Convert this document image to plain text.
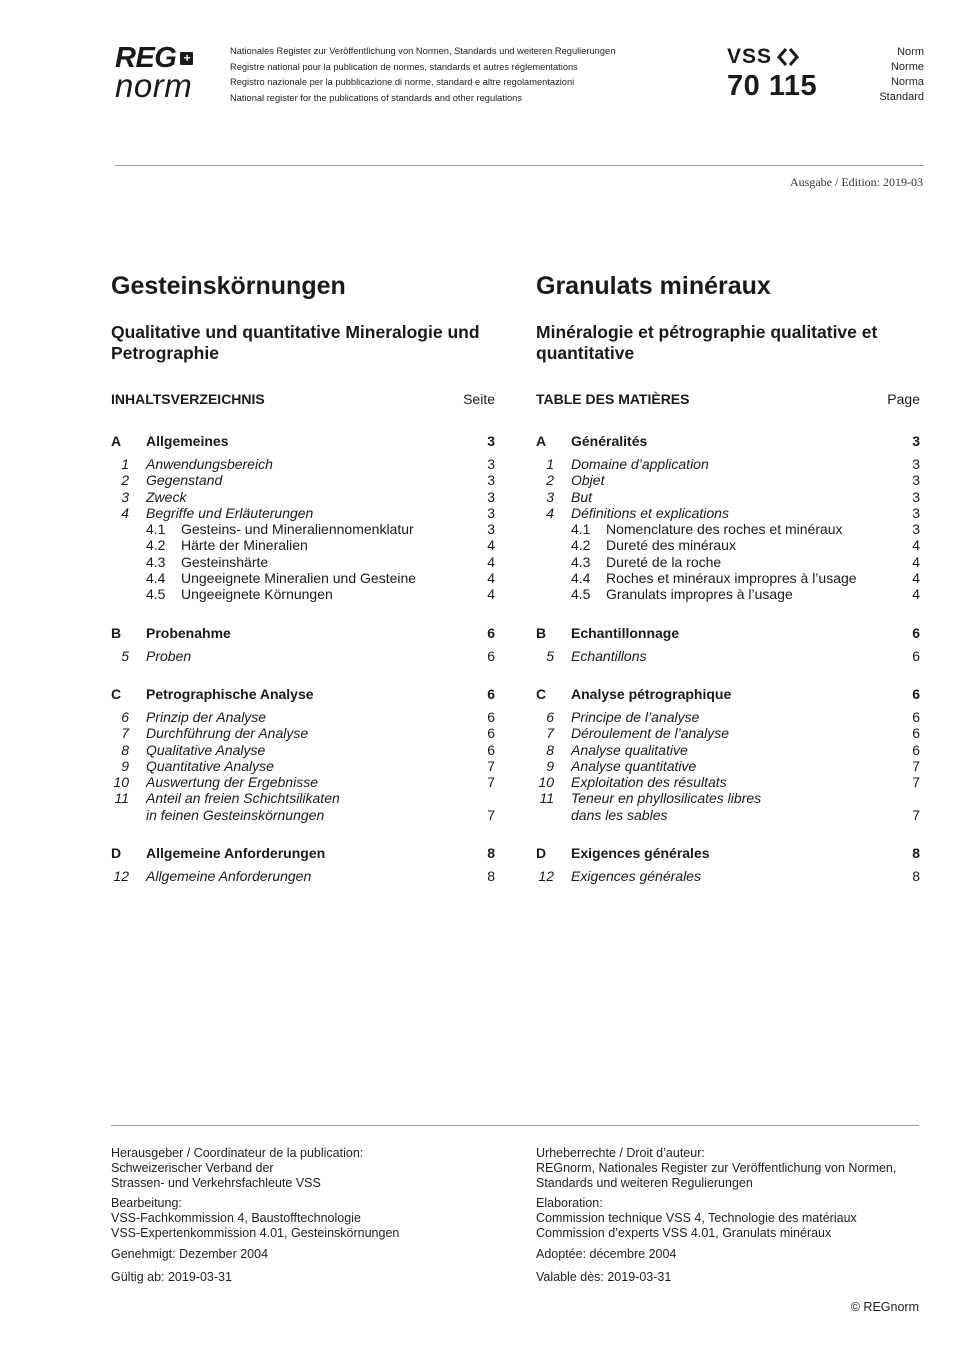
REG +
norm
Nationales Register zur Veröffentlichung von Normen, Standards und weiteren Regulierungen
Registre national pour la publication de normes, standards et autres réglementations
Registro nazionale per la pubblicazione di norme, standard e altre regolamentazioni
National register for the publications of standards and other regulations
VSS
70 115
Norm
Norme
Norma
Standard
Ausgabe / Edition: 2019-03
Gesteinskörnungen
Qualitative und quantitative Mineralogie und Petrographie
INHALTSVERZEICHNIS	Seite
A	Allgemeines	3
1 Anwendungsbereich	3
2 Gegenstand	3
3 Zweck	3
4 Begriffe und Erläuterungen	3
4.1	Gesteins- und Mineraliennomenklatur	3
4.2	Härte der Mineralien	4
4.3	Gesteinshärte	4
4.4	Ungeeignete Mineralien und Gesteine	4
4.5	Ungeeignete Körnungen	4
B	Probenahme	6
5 Proben	6
C	Petrographische Analyse	6
6 Prinzip der Analyse	6
7 Durchführung der Analyse	6
8 Qualitative Analyse	6
9 Quantitative Analyse	7
10 Auswertung der Ergebnisse	7
11 Anteil an freien Schichtsilikaten
in feinen Gesteinskörnungen	7
D	Allgemeine Anforderungen	8
12 Allgemeine Anforderungen	8
Granulats minéraux
Minéralogie et pétrographie qualitative et quantitative
TABLE DES MATIÈRES	Page
A	Généralités	3
1 Domaine d’application	3
2 Objet	3
3 But	3
4 Définitions et explications	3
4.1	Nomenclature des roches et minéraux	3
4.2	Dureté des minéraux	4
4.3	Dureté de la roche	4
4.4	Roches et minéraux impropres à l’usage	4
4.5	Granulats impropres à l’usage	4
B	Echantillonnage	6
5 Echantillons	6
C	Analyse pétrographique	6
6 Principe de l’analyse	6
7 Déroulement de l’analyse	6
8 Analyse qualitative	6
9 Analyse quantitative	7
10 Exploitation des résultats	7
11 Teneur en phyllosilicates libres
dans les sables	7
D	Exigences générales	8
12 Exigences générales	8
Herausgeber / Coordinateur de la publication:
Schweizerischer Verband der
Strassen- und Verkehrsfachleute VSS
Bearbeitung:
VSS-Fachkommission 4, Baustofftechnologie
VSS-Expertenkommission 4.01, Gesteinskörnungen
Genehmigt: Dezember 2004
Gültig ab: 2019-03-31
Urheberrechte / Droit d’auteur:
REGnorm, Nationales Register zur Veröffentlichung von Normen,
Standards und weiteren Regulierungen
Elaboration:
Commission technique VSS 4, Technologie des matériaux
Commission d’experts VSS 4.01, Granulats minéraux
Adoptée: décembre 2004
Valable dès: 2019-03-31
© REGnorm
